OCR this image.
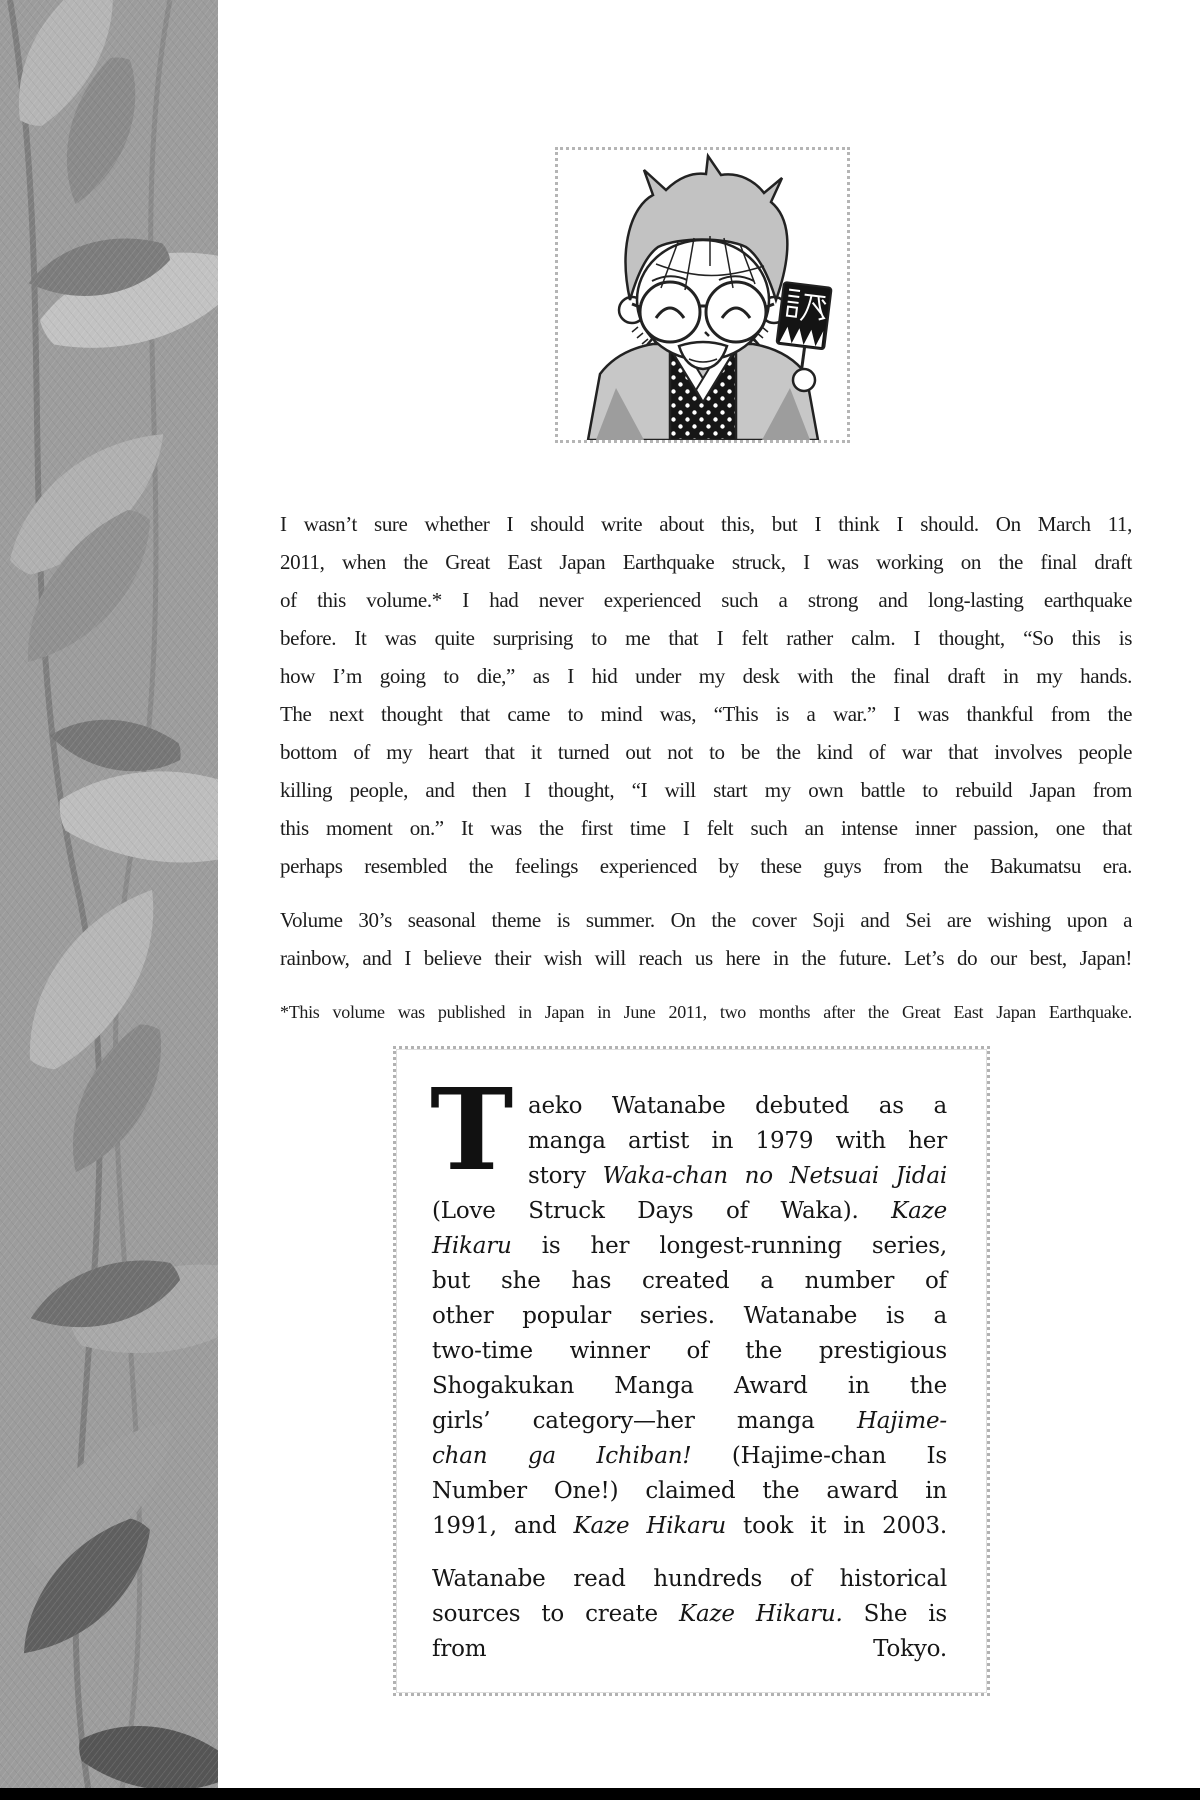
I wasn’t sure whether I should write about this, but I think I should. On March 11,
2011, when the Great East Japan Earthquake struck, I was working on the final draft
of this volume.* I had never experienced such a strong and long-lasting earthquake
before. It was quite surprising to me that I felt rather calm. I thought, “So this is
how I’m going to die,” as I hid under my desk with the final draft in my hands.
The next thought that came to mind was, “This is a war.” I was thankful from the
bottom of my heart that it turned out not to be the kind of war that involves people
killing people, and then I thought, “I will start my own battle to rebuild Japan from
this moment on.” It was the first time I felt such an intense inner passion, one that
perhaps resembled the feelings experienced by these guys from the Bakumatsu era.
Volume 30’s seasonal theme is summer. On the cover Soji and Sei are wishing upon a
rainbow, and I believe their wish will reach us here in the future. Let’s do our best, Japan!
*This volume was published in Japan in June 2011, two months after the Great East Japan Earthquake.
T aeko Watanabe debuted as a
manga artist in 1979 with her
story Waka-chan no Netsuai Jidai
(Love Struck Days of Waka). Kaze
Hikaru is her longest-running series,
but she has created a number of
other popular series. Watanabe is a
two-time winner of the prestigious
Shogakukan Manga Award in the
girls’ category—her manga Hajime-
chan ga Ichiban! (Hajime-chan Is
Number One!) claimed the award in
1991, and Kaze Hikaru took it in 2003.
Watanabe read hundreds of historical
sources to create Kaze Hikaru. She is
from Tokyo.
